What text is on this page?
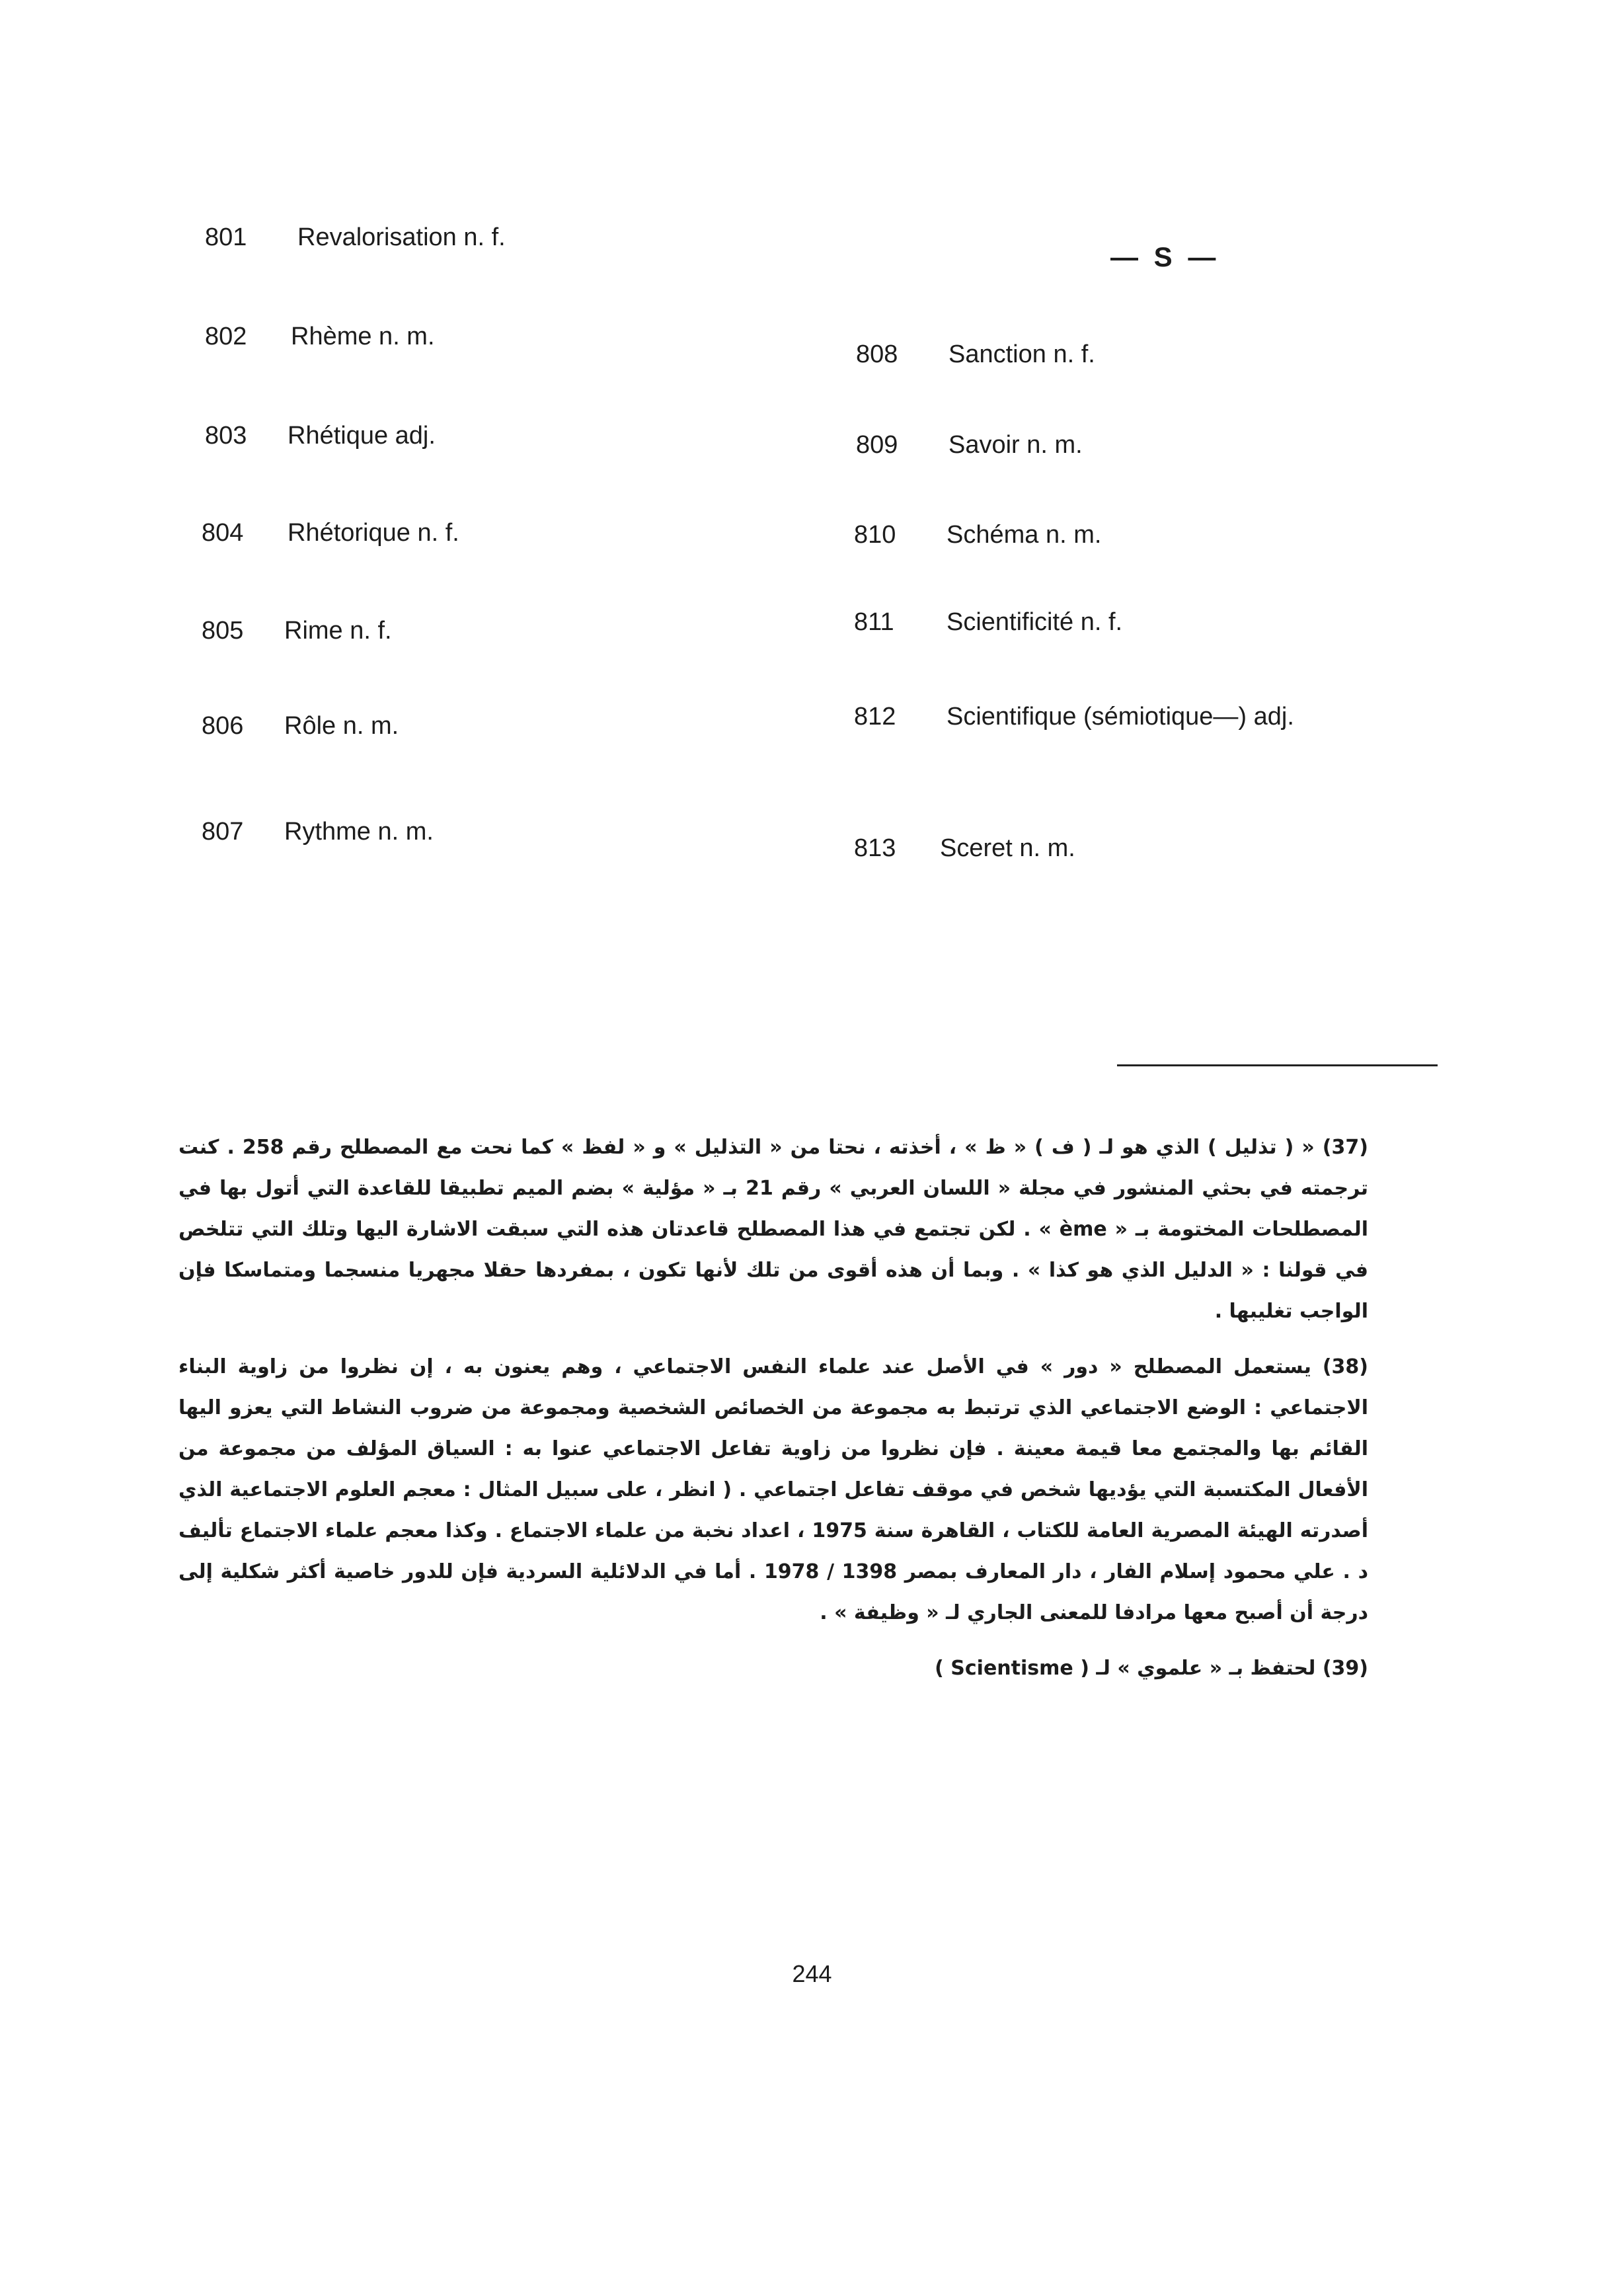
801 Revalorisation n. f.
802 Rhème n. m.
803 Rhétique adj.
804 Rhétorique n. f.
805 Rime n. f.
806 Rôle n. m.
807 Rythme n. m.
— S —
808 Sanction n. f.
809 Savoir n. m.
810 Schéma n. m.
811 Scientificité n. f.
812 Scientifique (sémiotique—) adj.
813 Sceret n. m.

(37) « ( تذليل ) الذي هو لـ ( ف ) « ظ » ، أخذته ، نحتا من « التذليل » و « لفظ » كما نحت مع المصطلح رقم 258 . كنت ترجمته في بحثي المنشور في مجلة « اللسان العربي » رقم 21 بـ « مؤلية » بضم الميم تطبيقا للقاعدة التي أتول بها في المصطلحات المختومة بـ « ème » . لكن تجتمع في هذا المصطلح قاعدتان هذه التي سبقت الاشارة اليها وتلك التي تتلخص في قولنا : « الدليل الذي هو كذا » . وبما أن هذه أقوى من تلك لأنها تكون ، بمفردها حقلا مجهريا منسجما ومتماسكا فإن الواجب تغليبها .

(38) يستعمل المصطلح « دور » في الأصل عند علماء النفس الاجتماعي ، وهم يعنون به ، إن نظروا من زاوية البناء الاجتماعي : الوضع الاجتماعي الذي ترتبط به مجموعة من الخصائص الشخصية ومجموعة من ضروب النشاط التي يعزو اليها القائم بها والمجتمع معا قيمة معينة . فإن نظروا من زاوية تفاعل الاجتماعي عنوا به : السياق المؤلف من مجموعة من الأفعال المكتسبة التي يؤديها شخص في موقف تفاعل اجتماعي . ( انظر ، على سبيل المثال : معجم العلوم الاجتماعية الذي أصدرته الهيئة المصرية العامة للكتاب ، القاهرة سنة 1975 ، اعداد نخبة من علماء الاجتماع . وكذا معجم علماء الاجتماع تأليف د . علي محمود إسلام الفار ، دار المعارف بمصر 1398 / 1978 . أما في الدلائلية السردية فإن للدور خاصية أكثر شكلية إلى درجة أن أصبح معها مرادفا للمعنى الجاري لـ « وظيفة » .

(39) لحتفظ بـ « علموي » لـ ( Scientisme )

244
